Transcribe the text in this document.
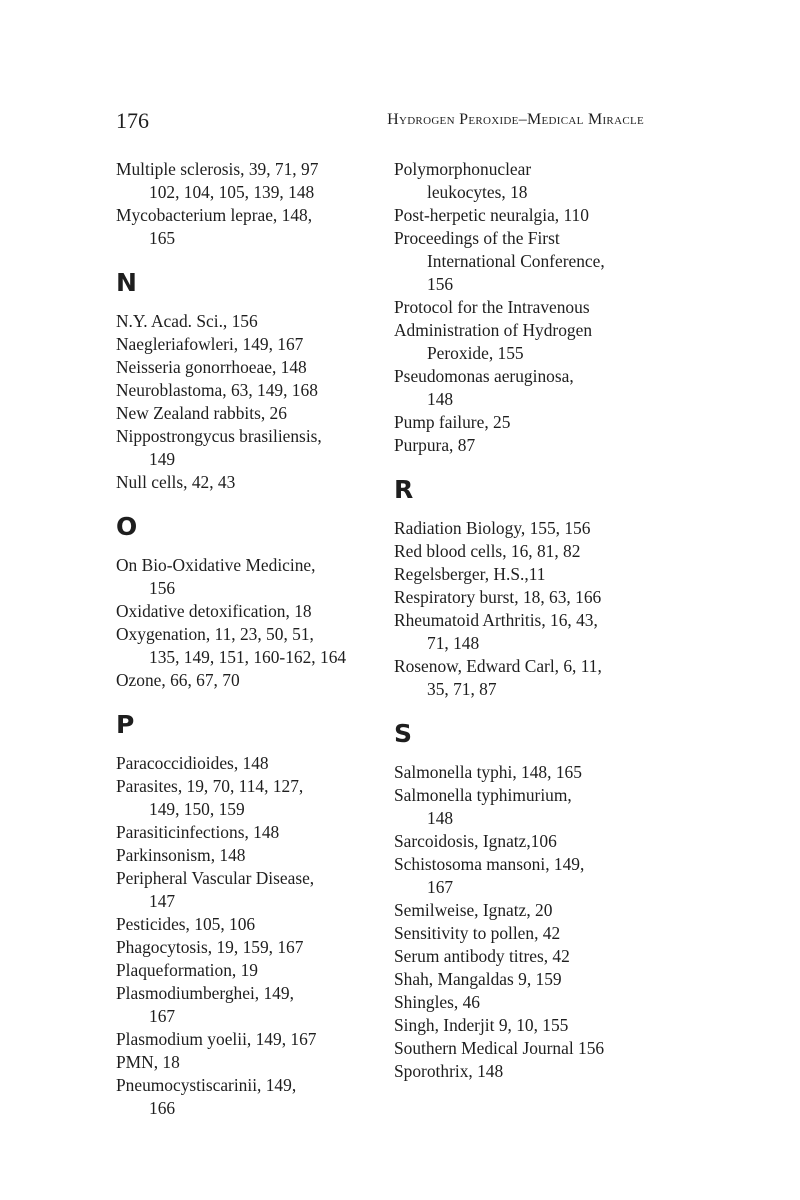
176	Hydrogen Peroxide–Medical Miracle
Multiple sclerosis, 39, 71, 97
102, 104, 105, 139, 148
Mycobacterium leprae, 148,
165
N
N.Y. Acad. Sci., 156
Naegleriafowleri, 149, 167
Neisseria gonorrhoeae, 148
Neuroblastoma, 63, 149, 168
New Zealand rabbits, 26
Nippostrongycus brasiliensis,
149
Null cells, 42, 43
O
On Bio-Oxidative Medicine,
156
Oxidative detoxification, 18
Oxygenation, 11, 23, 50, 51,
135, 149, 151, 160-162, 164
Ozone, 66, 67, 70
P
Paracoccidioides, 148
Parasites, 19, 70, 114, 127,
149, 150, 159
Parasiticinfections, 148
Parkinsonism, 148
Peripheral Vascular Disease,
147
Pesticides, 105, 106
Phagocytosis, 19, 159, 167
Plaqueformation, 19
Plasmodiumberghei, 149,
167
Plasmodium yoelii, 149, 167
PMN, 18
Pneumocystiscarinii, 149,
166
Polymorphonuclear
leukocytes, 18
Post-herpetic neuralgia, 110
Proceedings of the First
International Conference,
156
Protocol for the Intravenous
Administration of Hydrogen
Peroxide, 155
Pseudomonas aeruginosa,
148
Pump failure, 25
Purpura, 87
R
Radiation Biology, 155, 156
Red blood cells, 16, 81, 82
Regelsberger, H.S.,11
Respiratory burst, 18, 63, 166
Rheumatoid Arthritis, 16, 43,
71, 148
Rosenow, Edward Carl, 6, 11,
35, 71, 87
S
Salmonella typhi, 148, 165
Salmonella typhimurium,
148
Sarcoidosis, Ignatz,106
Schistosoma mansoni, 149,
167
Semilweise, Ignatz, 20
Sensitivity to pollen, 42
Serum antibody titres, 42
Shah, Mangaldas 9, 159
Shingles, 46
Singh, Inderjit 9, 10, 155
Southern Medical Journal 156
Sporothrix, 148
